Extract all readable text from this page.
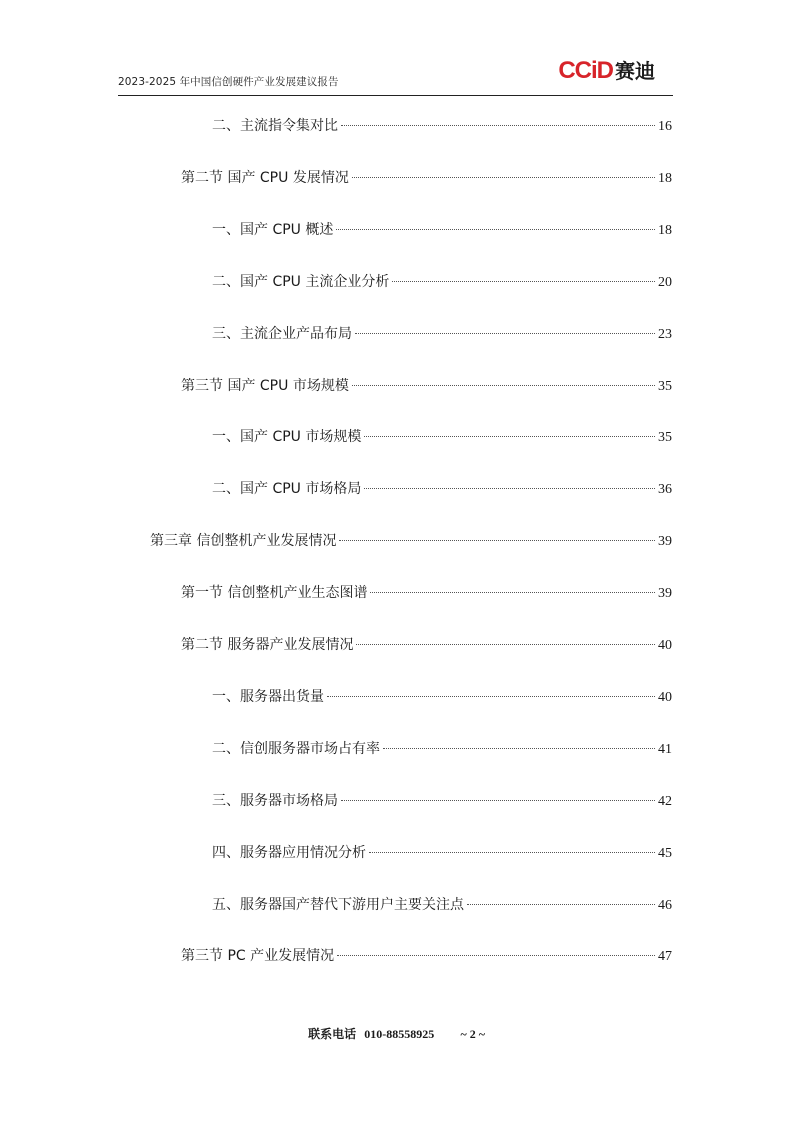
2023-2025 年中国信创硬件产业发展建议报告	CCiD 赛迪
二、主流指令集对比	16
第二节 国产 CPU 发展情况	18
一、国产 CPU 概述	18
二、国产 CPU 主流企业分析	20
三、主流企业产品布局	23
第三节 国产 CPU 市场规模	35
一、国产 CPU 市场规模	35
二、国产 CPU 市场格局	36
第三章 信创整机产业发展情况	39
第一节 信创整机产业生态图谱	39
第二节 服务器产业发展情况	40
一、服务器出货量	40
二、信创服务器市场占有率	41
三、服务器市场格局	42
四、服务器应用情况分析	45
五、服务器国产替代下游用户主要关注点	46
第三节 PC 产业发展情况	47
联系电话 010-88558925 ~ 2 ~
